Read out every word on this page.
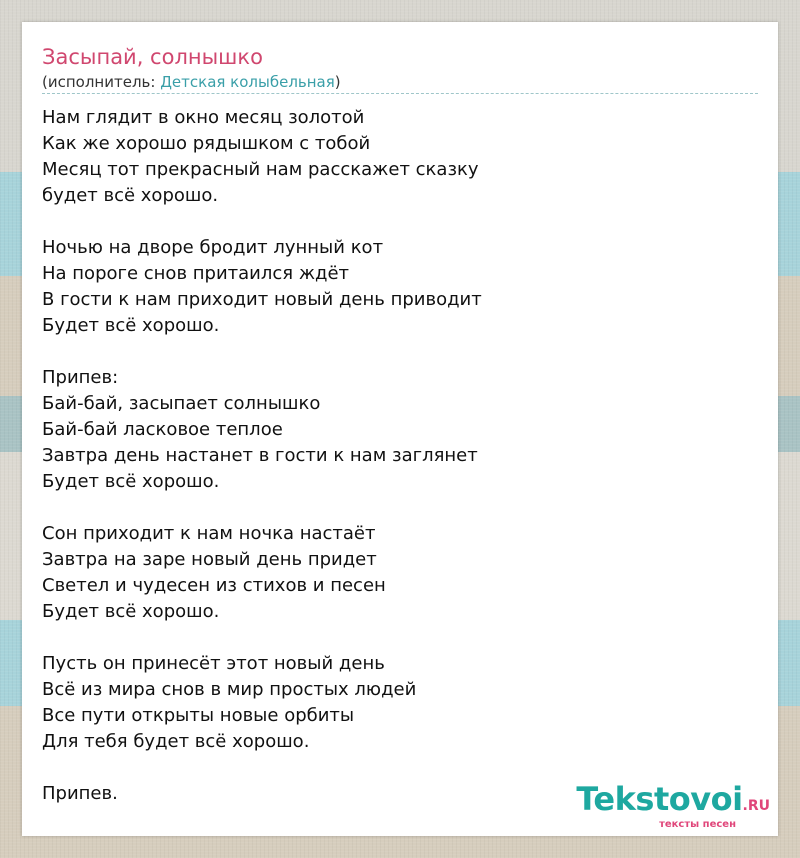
Засыпай, солнышко
(исполнитель: Детская колыбельная)
Нам глядит в окно месяц золотой
Как же хорошо рядышком с тобой
Месяц тот прекрасный нам расскажет сказку
будет всё хорошо.
Ночью на дворе бродит лунный кот
На пороге снов притаился ждёт
В гости к нам приходит новый день приводит
Будет всё хорошо.
Припев:
Бай-бай, засыпает солнышко
Бай-бай ласковое теплое
Завтра день настанет в гости к нам заглянет
Будет всё хорошо.
Сон приходит к нам ночка настаёт
Завтра на заре новый день придет
Светел и чудесен из стихов и песен
Будет всё хорошо.
Пусть он принесёт этот новый день
Всё из мира снов в мир простых людей
Все пути открыты новые орбиты
Для тебя будет всё хорошо.
Припев.	Tekstovoi.RU
тексты песен
